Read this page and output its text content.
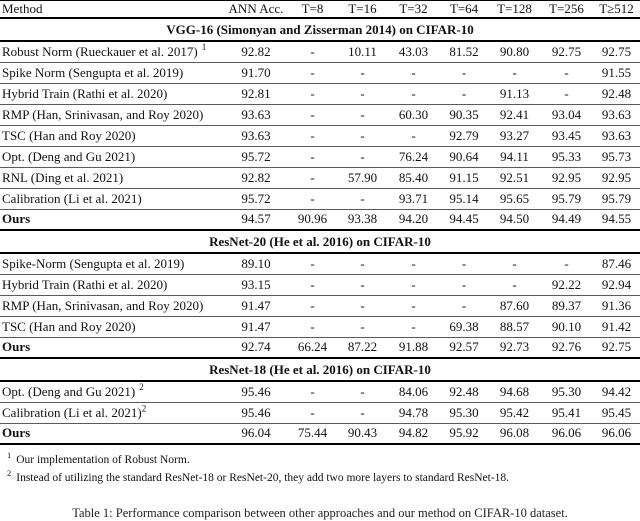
Method	ANN Acc.	T=8	T=16	T=32	T=64	T=128	T=256	T≥512
VGG-16 (Simonyan and Zisserman 2014) on CIFAR-10								
Robust Norm (Rueckauer et al. 2017) $^1$	92.82	-	10.11	43.03	81.52	90.80	92.75	92.75
Spike Norm (Sengupta et al. 2019)	91.70	-	-	-	-	-	-	91.55
Hybrid Train (Rathi et al. 2020)	92.81	-	-	-	-	91.13	-	92.48
RMP (Han, Srinivasan, and Roy 2020)	93.63	-	-	60.30	90.35	92.41	93.04	93.63
TSC (Han and Roy 2020)	93.63	-	-	-	92.79	93.27	93.45	93.63
Opt. (Deng and Gu 2021)	95.72	-	-	76.24	90.64	94.11	95.33	95.73
RNL (Ding et al. 2021)	92.82	-	57.90	85.40	91.15	92.51	92.95	92.95
Calibration (Li et al. 2021)	95.72	-	-	93.71	95.14	95.65	95.79	95.79
Ours	94.57	90.96	93.38	94.20	94.45	94.50	94.49	94.55
ResNet-20 (He et al. 2016) on CIFAR-10								
Spike-Norm (Sengupta et al. 2019)	89.10	-	-	-	-	-	-	87.46
Hybrid Train (Rathi et al. 2020)	93.15	-	-	-	-	-	92.22	92.94
RMP (Han, Srinivasan, and Roy 2020)	91.47	-	-	-	-	87.60	89.37	91.36
TSC (Han and Roy 2020)	91.47	-	-	-	69.38	88.57	90.10	91.42
Ours	92.74	66.24	87.22	91.88	92.57	92.73	92.76	92.75
ResNet-18 (He et al. 2016) on CIFAR-10								
Opt. (Deng and Gu 2021) $^2$	95.46	-	-	84.06	92.48	94.68	95.30	94.42
Calibration (Li et al. 2021)$^2$	95.46	-	-	94.78	95.30	95.42	95.41	95.45
Ours	96.04	75.44	90.43	94.82	95.92	96.08	96.06	96.06
$^1$ Our implementation of Robust Norm.
$^2$ Instead of utilizing the standard ResNet-18 or ResNet-20, they add two more layers to standard ResNet-18.
Table 1: Performance comparison between other approaches and our method on CIFAR-10 dataset.
